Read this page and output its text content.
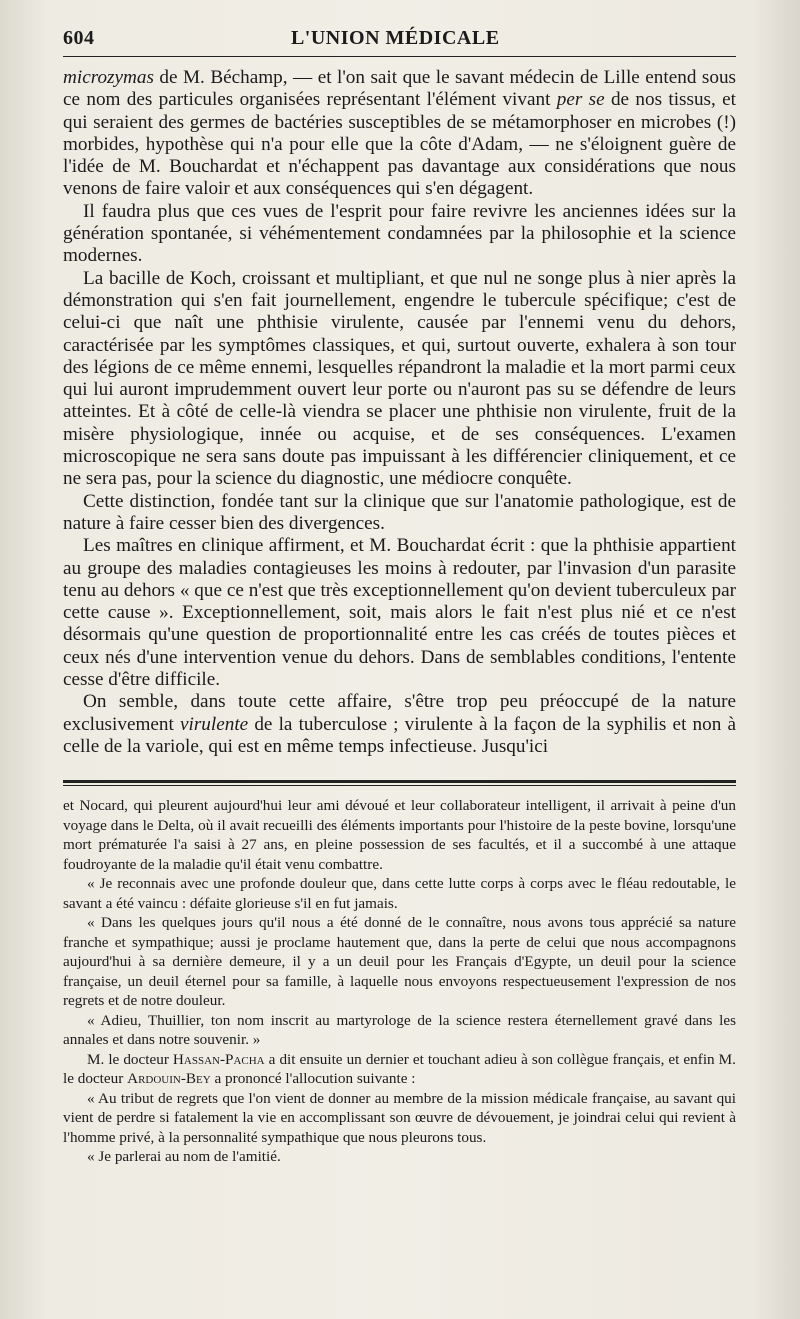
604	L'UNION MÉDICALE

microzymas de M. Béchamp, — et l'on sait que le savant médecin de Lille entend sous ce nom des particules organisées représentant l'élément vivant per se de nos tissus, et qui seraient des germes de bactéries susceptibles de se métamorphoser en microbes (!) morbides, hypothèse qui n'a pour elle que la côte d'Adam, — ne s'éloignent guère de l'idée de M. Bouchardat et n'échappent pas davantage aux considérations que nous venons de faire valoir et aux conséquences qui s'en dégagent.

Il faudra plus que ces vues de l'esprit pour faire revivre les anciennes idées sur la génération spontanée, si véhémentement condamnées par la philosophie et la science modernes.

La bacille de Koch, croissant et multipliant, et que nul ne songe plus à nier après la démonstration qui s'en fait journellement, engendre le tubercule spécifique; c'est de celui-ci que naît une phthisie virulente, causée par l'ennemi venu du dehors, caractérisée par les symptômes classiques, et qui, surtout ouverte, exhalera à son tour des légions de ce même ennemi, lesquelles répandront la maladie et la mort parmi ceux qui lui auront imprudemment ouvert leur porte ou n'auront pas su se défendre de leurs atteintes. Et à côté de celle-là viendra se placer une phthisie non virulente, fruit de la misère physiologique, innée ou acquise, et de ses conséquences. L'examen microscopique ne sera sans doute pas impuissant à les différencier cliniquement, et ce ne sera pas, pour la science du diagnostic, une médiocre conquête.

Cette distinction, fondée tant sur la clinique que sur l'anatomie pathologique, est de nature à faire cesser bien des divergences.

Les maîtres en clinique affirment, et M. Bouchardat écrit : que la phthisie appartient au groupe des maladies contagieuses les moins à redouter, par l'invasion d'un parasite tenu au dehors « que ce n'est que très exceptionnellement qu'on devient tuberculeux par cette cause ». Exceptionnellement, soit, mais alors le fait n'est plus nié et ce n'est désormais qu'une question de proportionnalité entre les cas créés de toutes pièces et ceux nés d'une intervention venue du dehors. Dans de semblables conditions, l'entente cesse d'être difficile.

On semble, dans toute cette affaire, s'être trop peu préoccupé de la nature exclusivement virulente de la tuberculose ; virulente à la façon de la syphilis et non à celle de la variole, qui est en même temps infectieuse. Jusqu'ici

et Nocard, qui pleurent aujourd'hui leur ami dévoué et leur collaborateur intelligent, il arrivait à peine d'un voyage dans le Delta, où il avait recueilli des éléments importants pour l'histoire de la peste bovine, lorsqu'une mort prématurée l'a saisi à 27 ans, en pleine possession de ses facultés, et il a succombé à une attaque foudroyante de la maladie qu'il était venu combattre.

« Je reconnais avec une profonde douleur que, dans cette lutte corps à corps avec le fléau redoutable, le savant a été vaincu : défaite glorieuse s'il en fut jamais.

« Dans les quelques jours qu'il nous a été donné de le connaître, nous avons tous apprécié sa nature franche et sympathique; aussi je proclame hautement que, dans la perte de celui que nous accompagnons aujourd'hui à sa dernière demeure, il y a un deuil pour les Français d'Egypte, un deuil pour la science française, un deuil éternel pour sa famille, à laquelle nous envoyons respectueusement l'expression de nos regrets et de notre douleur.

« Adieu, Thuillier, ton nom inscrit au martyrologe de la science restera éternellement gravé dans les annales et dans notre souvenir. »

M. le docteur Hassan-Pacha a dit ensuite un dernier et touchant adieu à son collègue français, et enfin M. le docteur Ardouin-Bey a prononcé l'allocution suivante :

« Au tribut de regrets que l'on vient de donner au membre de la mission médicale française, au savant qui vient de perdre si fatalement la vie en accomplissant son œuvre de dévouement, je joindrai celui qui revient à l'homme privé, à la personnalité sympathique que nous pleurons tous.

« Je parlerai au nom de l'amitié.
